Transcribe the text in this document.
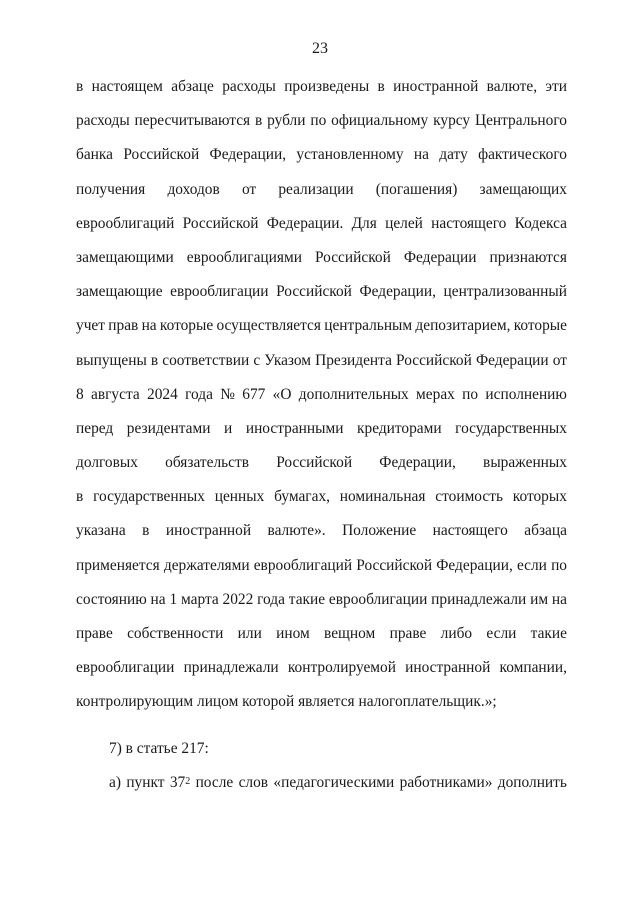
23
в настоящем абзаце расходы произведены в иностранной валюте, эти
расходы пересчитываются в рубли по официальному курсу Центрального
банка Российской Федерации, установленному на дату фактического
получения доходов от реализации (погашения) замещающих
еврооблигаций Российской Федерации. Для целей настоящего Кодекса
замещающими еврооблигациями Российской Федерации признаются
замещающие еврооблигации Российской Федерации, централизованный
учет прав на которые осуществляется центральным депозитарием, которые
выпущены в соответствии с Указом Президента Российской Федерации от
8 августа 2024 года № 677 «О дополнительных мерах по исполнению
перед резидентами и иностранными кредиторами государственных
долговых обязательств Российской Федерации, выраженных
в государственных ценных бумагах, номинальная стоимость которых
указана в иностранной валюте». Положение настоящего абзаца
применяется держателями еврооблигаций Российской Федерации, если по
состоянию на 1 марта 2022 года такие еврооблигации принадлежали им на
праве собственности или ином вещном праве либо если такие
еврооблигации принадлежали контролируемой иностранной компании,
контролирующим лицом которой является налогоплательщик.»;
7) в статье 217:
а) пункт $37^2$ после слов «педагогическими работниками» дополнить
